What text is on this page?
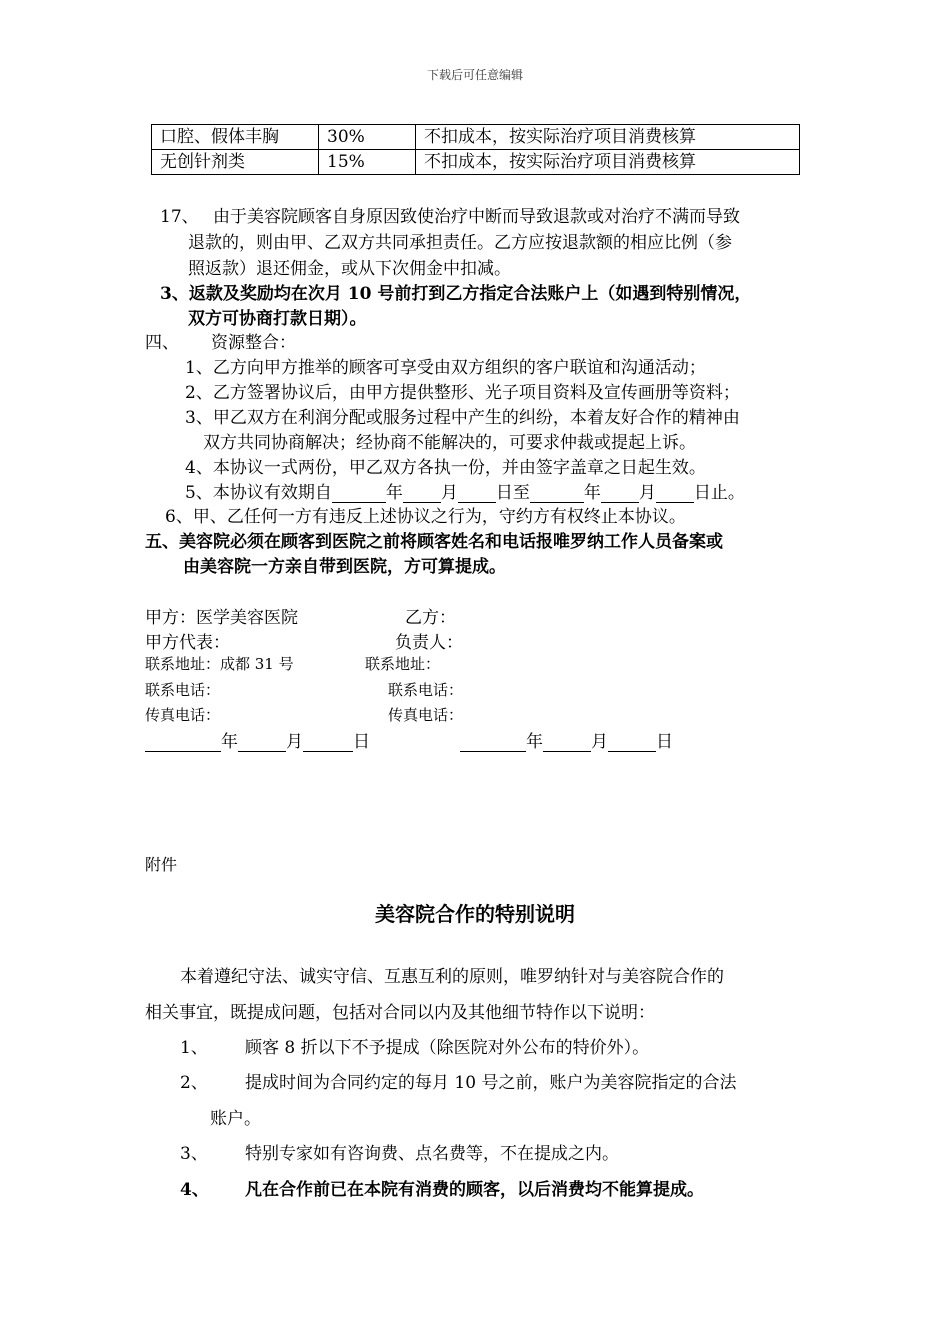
下载后可任意编辑
口腔、假体丰胸	30%	不扣成本，按实际治疗项目消费核算
无创针剂类	15%	不扣成本，按实际治疗项目消费核算
17、 由于美容院顾客自身原因致使治疗中断而导致退款或对治疗不满而导致
退款的，则由甲、乙双方共同承担责任。乙方应按退款额的相应比例（参
照返款）退还佣金，或从下次佣金中扣减。
3、返款及奖励均在次月 10 号前打到乙方指定合法账户上（如遇到特别情况，
双方可协商打款日期）。
四、 资源整合：
1、乙方向甲方推举的顾客可享受由双方组织的客户联谊和沟通活动；
2、乙方签署协议后，由甲方提供整形、光子项目资料及宣传画册等资料；
3、甲乙双方在利润分配或服务过程中产生的纠纷，本着友好合作的精神由
双方共同协商解决；经协商不能解决的，可要求仲裁或提起上诉。
4、本协议一式两份，甲乙双方各执一份，并由签字盖章之日起生效。
5、本协议有效期自	年 月 日至	年 月 日止。
6、甲、乙任何一方有违反上述协议之行为，守约方有权终止本协议。
五、美容院必须在顾客到医院之前将顾客姓名和电话报唯罗纳工作人员备案或
由美容院一方亲自带到医院，方可算提成。
甲方：医学美容医院	乙方：
甲方代表：	负责人：
联系地址：成都 31 号	联系地址：
联系电话：	联系电话：
传真电话：	传真电话：
年	月	日	年	月	日
附件
美容院合作的特别说明
本着遵纪守法、诚实守信、互惠互利的原则，唯罗纳针对与美容院合作的
相关事宜，既提成问题，包括对合同以内及其他细节特作以下说明：
1、 顾客 8 折以下不予提成（除医院对外公布的特价外）。
2、 提成时间为合同约定的每月 10 号之前，账户为美容院指定的合法
账户。
3、 特别专家如有咨询费、点名费等，不在提成之内。
4、 凡在合作前已在本院有消费的顾客，以后消费均不能算提成。
